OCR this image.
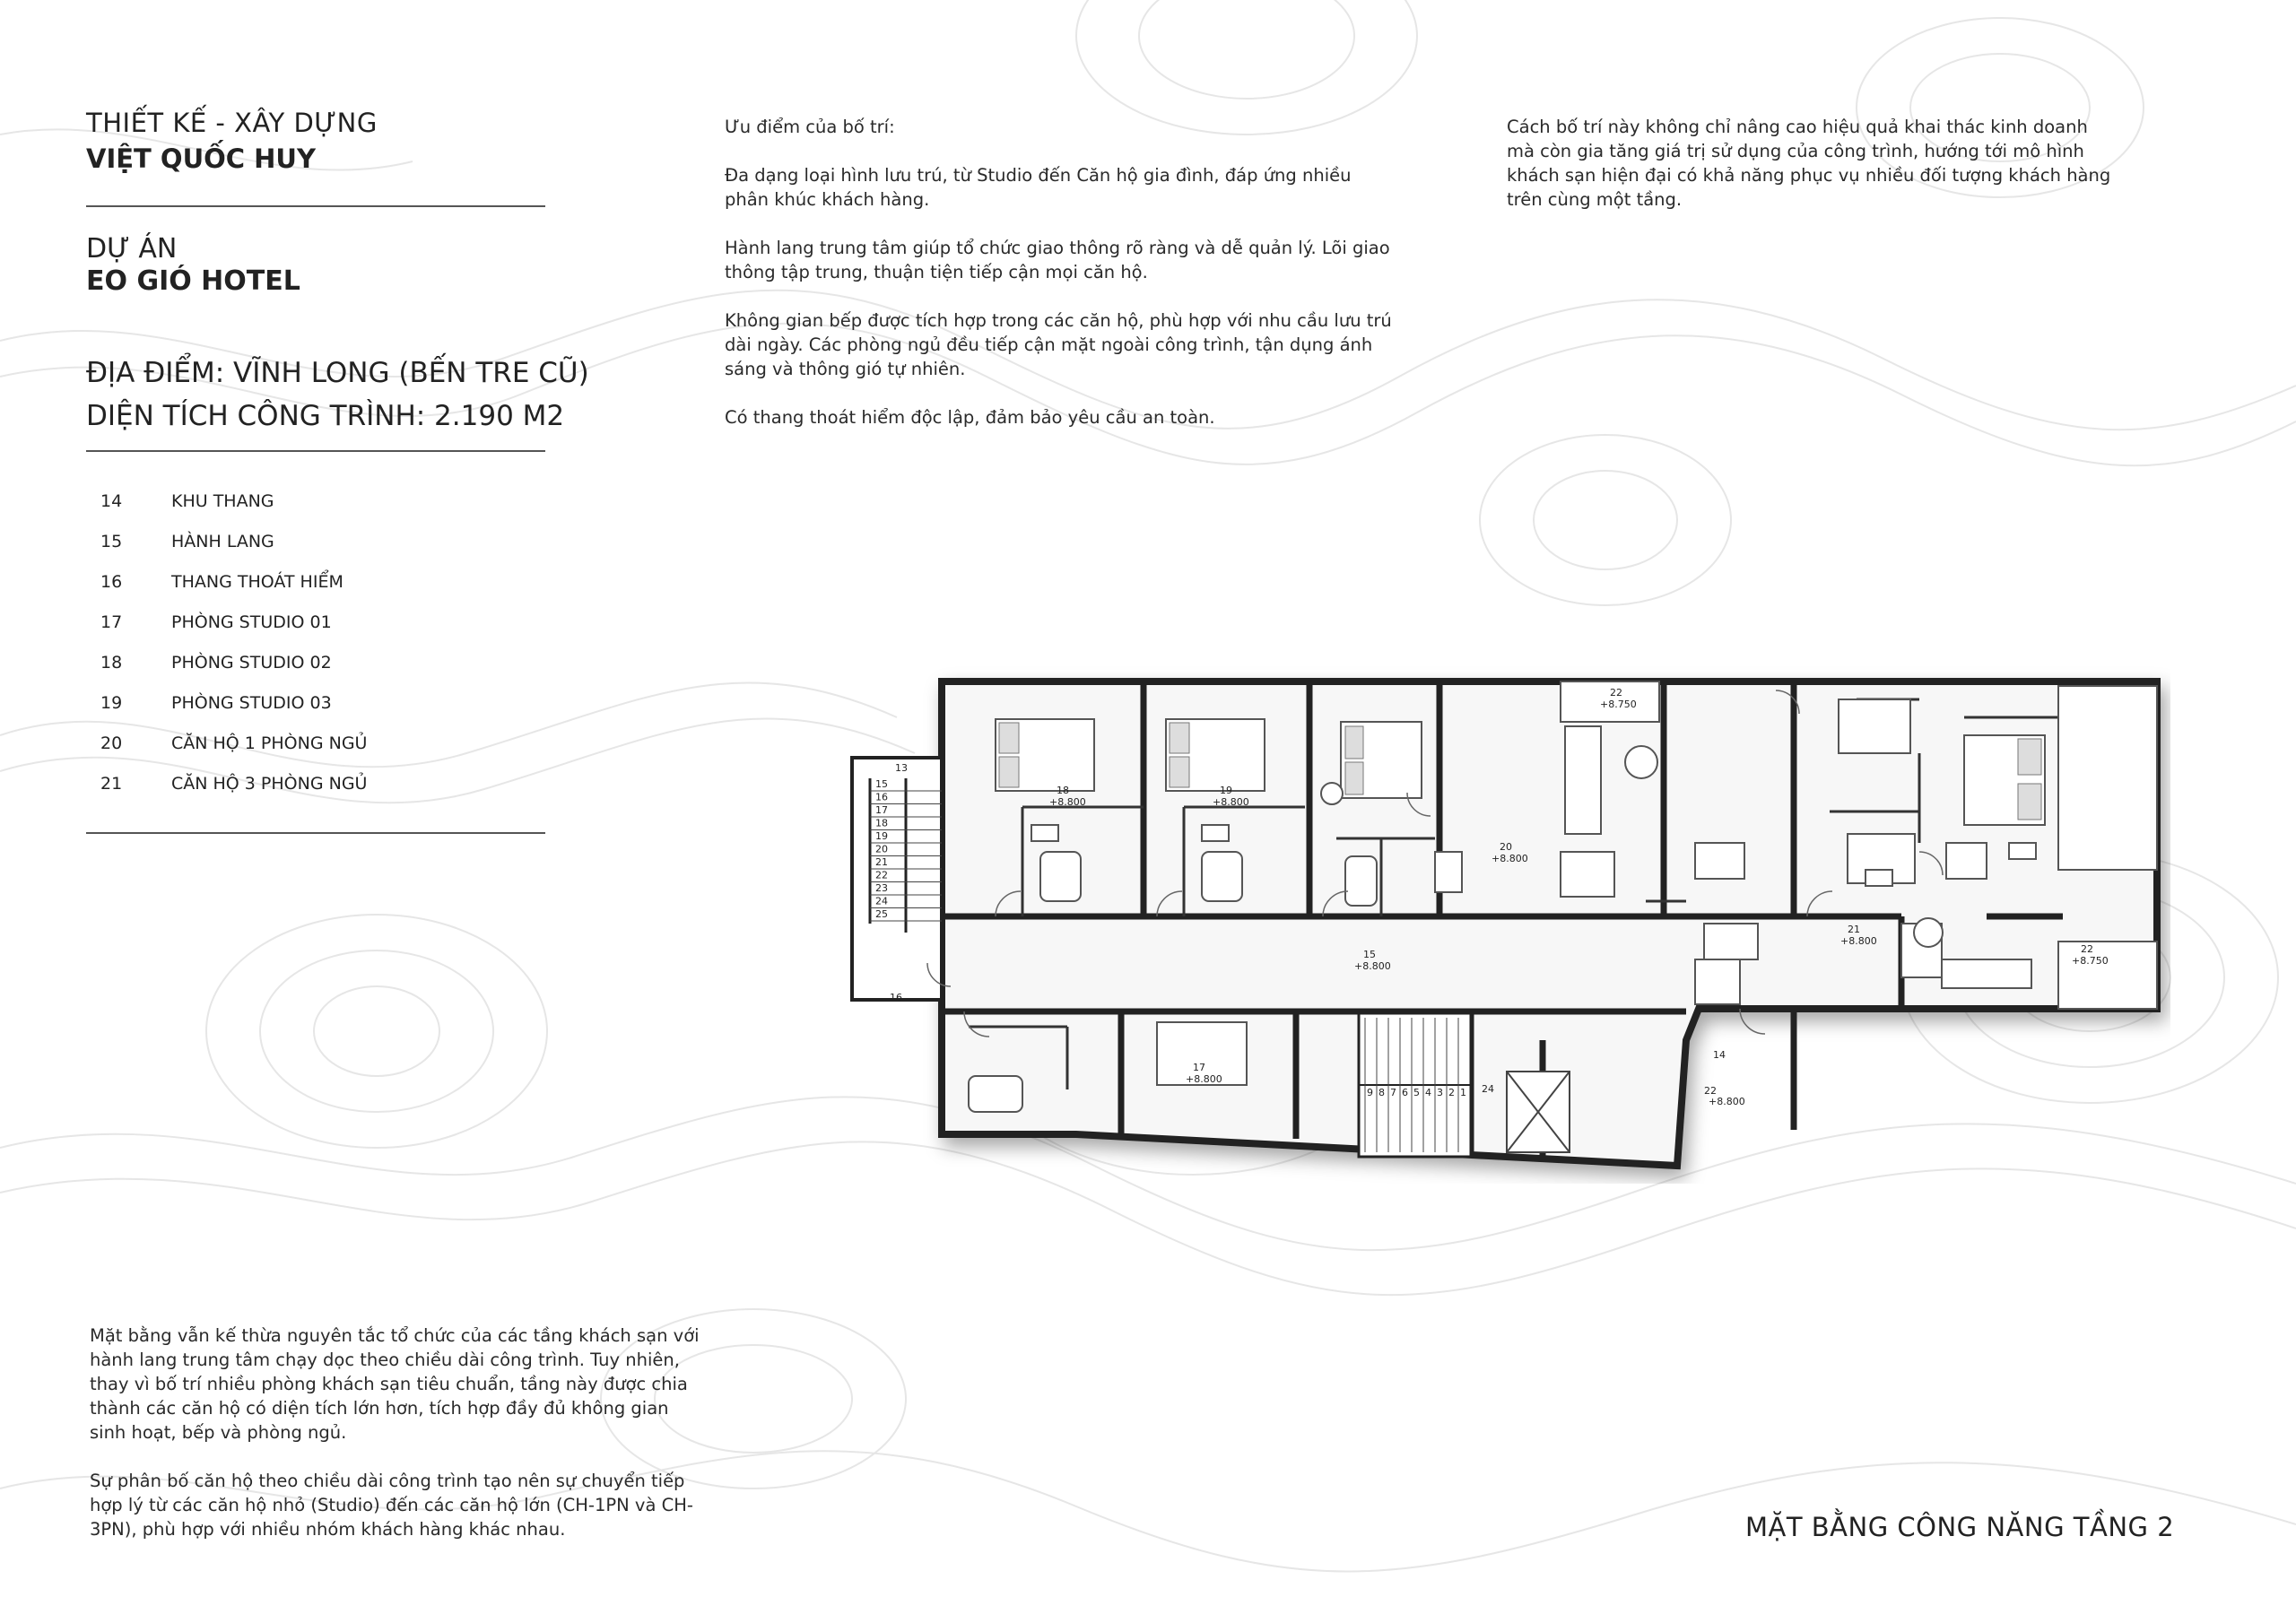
THIẾT KẾ - XÂY DỰNG
VIỆT QUỐC HUY
DỰ ÁN
EO GIÓ HOTEL
ĐỊA ĐIỂM: VĨNH LONG (BẾN TRE CŨ)
DIỆN TÍCH CÔNG TRÌNH: 2.190 M2
14	KHU THANG
15	HÀNH LANG
16	THANG THOÁT HIỂM
17	PHÒNG STUDIO 01
18	PHÒNG STUDIO 02
19	PHÒNG STUDIO 03
20	CĂN HỘ 1 PHÒNG NGỦ
21	CĂN HỘ 3 PHÒNG NGỦ

Ưu điểm của bố trí:

Đa dạng loại hình lưu trú, từ Studio đến Căn hộ gia đình, đáp ứng nhiều phân khúc khách hàng.

Hành lang trung tâm giúp tổ chức giao thông rõ ràng và dễ quản lý. Lõi giao thông tập trung, thuận tiện tiếp cận mọi căn hộ.

Không gian bếp được tích hợp trong các căn hộ, phù hợp với nhu cầu lưu trú dài ngày. Các phòng ngủ đều tiếp cận mặt ngoài công trình, tận dụng ánh sáng và thông gió tự nhiên.

Có thang thoát hiểm độc lập, đảm bảo yêu cầu an toàn.

Cách bố trí này không chỉ nâng cao hiệu quả khai thác kinh doanh mà còn gia tăng giá trị sử dụng của công trình, hướng tới mô hình khách sạn hiện đại có khả năng phục vụ nhiều đối tượng khách hàng trên cùng một tầng.

Mặt bằng vẫn kế thừa nguyên tắc tổ chức của các tầng khách sạn với hành lang trung tâm chạy dọc theo chiều dài công trình. Tuy nhiên, thay vì bố trí nhiều phòng khách sạn tiêu chuẩn, tầng này được chia thành các căn hộ có diện tích lớn hơn, tích hợp đầy đủ không gian sinh hoạt, bếp và phòng ngủ.

Sự phân bố căn hộ theo chiều dài công trình tạo nên sự chuyển tiếp hợp lý từ các căn hộ nhỏ (Studio) đến các căn hộ lớn (CH-1PN và CH-3PN), phù hợp với nhiều nhóm khách hàng khác nhau.	MẶT BẰNG CÔNG NĂNG TẦNG 2
15
16
17
18
19
20
21
22
23
24
25
9 8 7 6 5 4 3 2 1
13
14
15
16
17
18	19
20
21
22
22
22
24
+8.800	+8.800
+8.800
+8.800
+8.800
+8.800
+8.800
+8.750
+8.750
